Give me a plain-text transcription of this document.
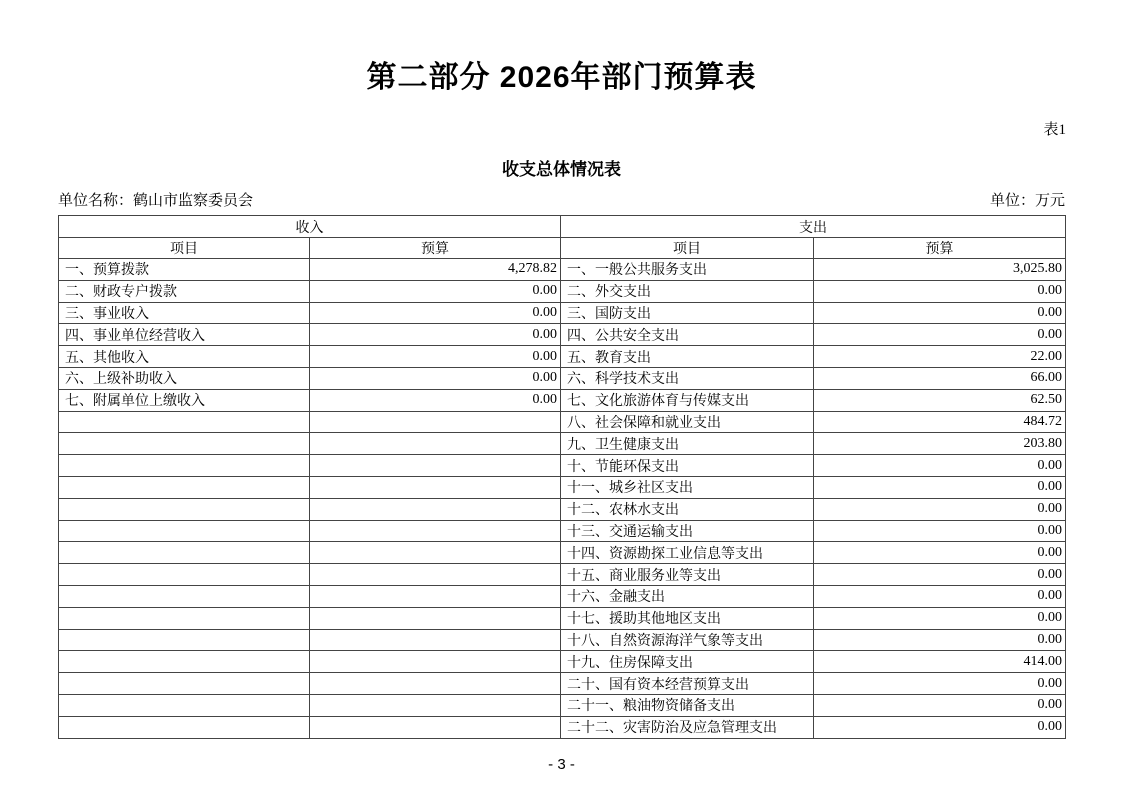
第二部分 2026年部门预算表
表1
收支总体情况表
单位名称：鹤山市监察委员会	单位：万元
收入		支出	
项目	预算	项目	预算
一、预算拨款	4,278.82	一、一般公共服务支出	3,025.80
二、财政专户拨款	0.00	二、外交支出	0.00
三、事业收入	0.00	三、国防支出	0.00
四、事业单位经营收入	0.00	四、公共安全支出	0.00
五、其他收入	0.00	五、教育支出	22.00
六、上级补助收入	0.00	六、科学技术支出	66.00
七、附属单位上缴收入	0.00	七、文化旅游体育与传媒支出	62.50
		八、社会保障和就业支出	484.72
		九、卫生健康支出	203.80
		十、节能环保支出	0.00
		十一、城乡社区支出	0.00
		十二、农林水支出	0.00
		十三、交通运输支出	0.00
		十四、资源勘探工业信息等支出	0.00
		十五、商业服务业等支出	0.00
		十六、金融支出	0.00
		十七、援助其他地区支出	0.00
		十八、自然资源海洋气象等支出	0.00
		十九、住房保障支出	414.00
		二十、国有资本经营预算支出	0.00
		二十一、粮油物资储备支出	0.00
		二十二、灾害防治及应急管理支出	0.00
- 3 -
